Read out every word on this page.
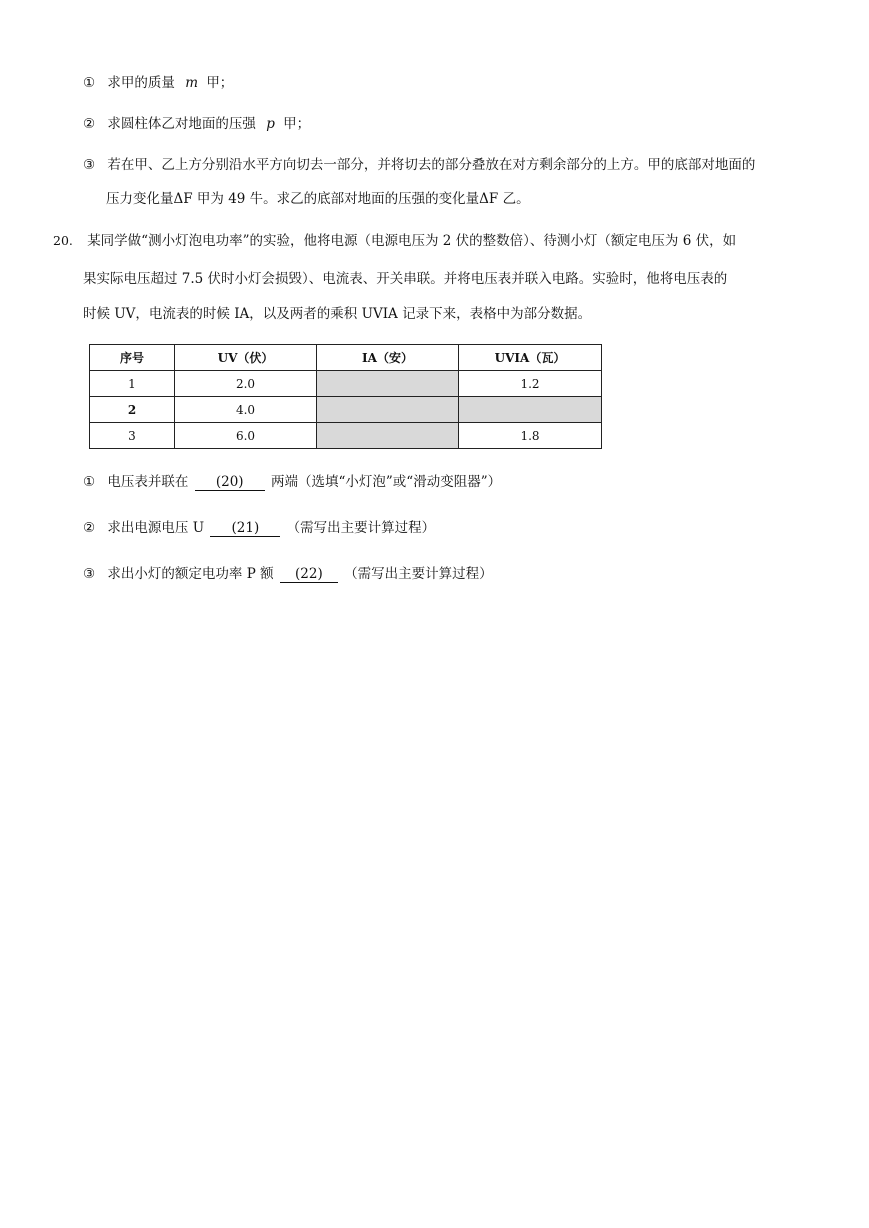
① 求甲的质量 m 甲；
② 求圆柱体乙对地面的压强 p 甲；
③ 若在甲、乙上方分别沿水平方向切去一部分，并将切去的部分叠放在对方剩余部分的上方。甲的底部对地面的
压力变化量ΔF 甲为 49 牛。求乙的底部对地面的压强的变化量ΔF 乙。
20. 某同学做“测小灯泡电功率”的实验，他将电源（电源电压为 2 伏的整数倍）、待测小灯（额定电压为 6 伏，如
果实际电压超过 7.5 伏时小灯会损毁）、电流表、开关串联。并将电压表并联入电路。实验时，他将电压表的
时候 UV，电流表的时候 IA，以及两者的乘积 UVIA 记录下来，表格中为部分数据。
序号	UV（伏）	IA（安）	UVIA（瓦）
1	2.0		1.2
2	4.0		
3	6.0		1.8
① 电压表并联在 (20) 两端（选填“小灯泡”或“滑动变阻器”）
② 求出电源电压 U (21) （需写出主要计算过程）
③ 求出小灯的额定电功率 P 额 (22) （需写出主要计算过程）
